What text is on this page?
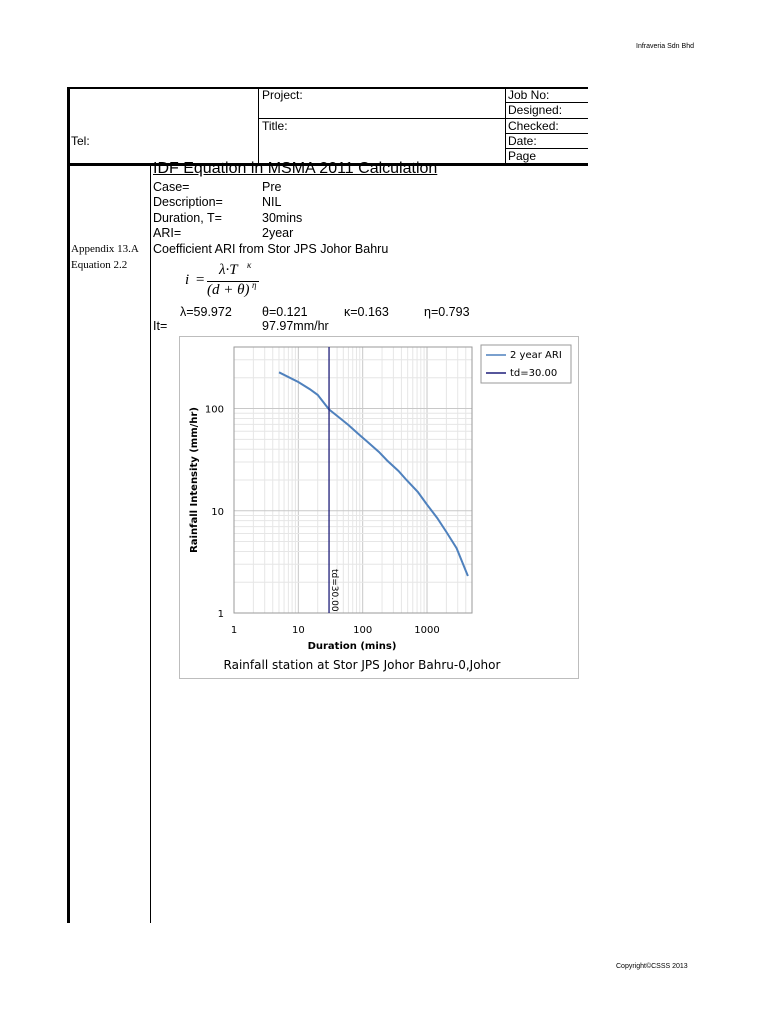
Infraveria Sdn Bhd
Copyright©CSSS 2013
Tel:
Project:
Title:
Job No:
Designed:
Checked:
Date:
Page
Appendix 13.A
Equation 2.2
IDF Equation in MSMA 2011 Calculation
Case=	Pre
Description=	NIL
Duration, T=	30mins
ARI=	2year
Coefficient ARI from Stor JPS Johor Bahru
i =
λ·T κ
(d + θ) η
λ=59.972 θ=0.121	κ=0.163	η=0.793
It=	97.97mm/hr
1
10
100
1	10	100	1000
td=30.00
Duration (mins)
Rainfall Intensity (mm/hr)
2 year ARI
td=30.00
Rainfall station at Stor JPS Johor Bahru-0,Johor
